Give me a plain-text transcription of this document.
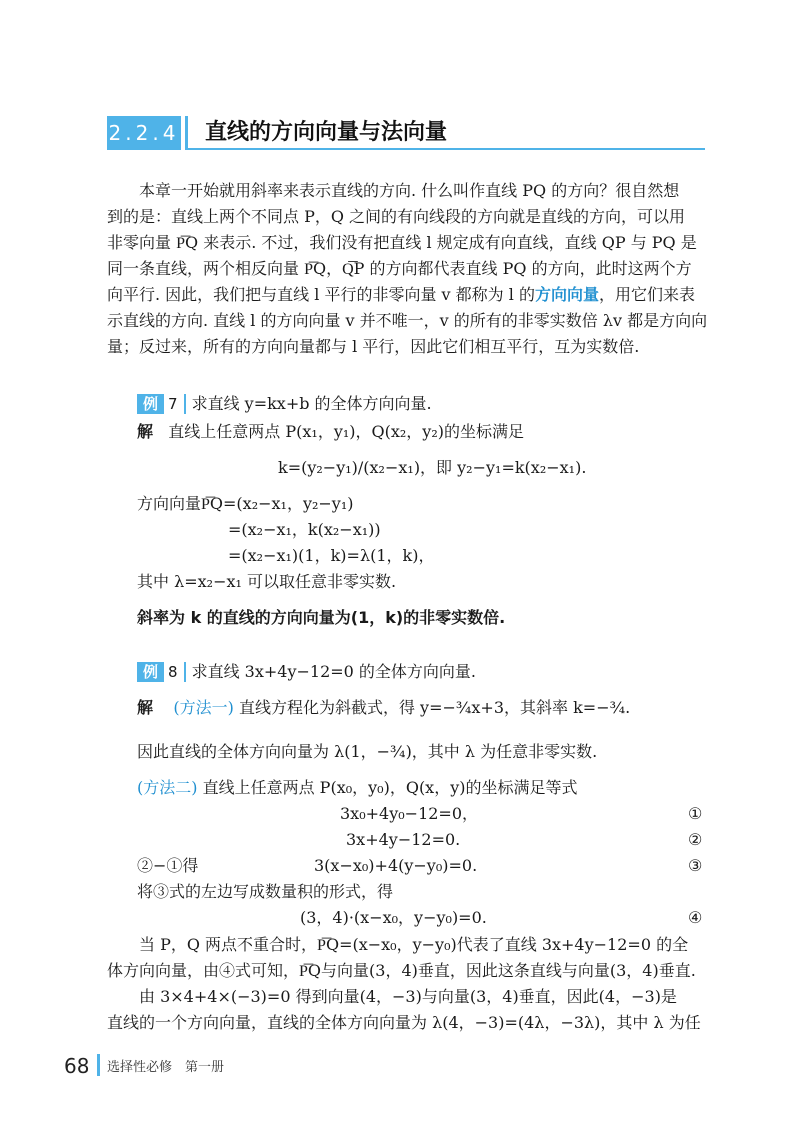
2.2.4 直线的方向向量与法向量
本章一开始就用斜率来表示直线的方向. 什么叫作直线 PQ 的方向？很自然想
到的是：直线上两个不同点 P，Q 之间的有向线段的方向就是直线的方向，可以用
非零向量 P͞Q 来表示. 不过，我们没有把直线 l 规定成有向直线，直线 QP 与 PQ 是
同一条直线，两个相反向量 P͞Q，Q͞P 的方向都代表直线 PQ 的方向，此时这两个方
向平行. 因此，我们把与直线 l 平行的非零向量 v 都称为 l 的方向向量，用它们来表
示直线的方向. 直线 l 的方向向量 v 并不唯一，v 的所有的非零实数倍 λv 都是方向向
量；反过来，所有的方向向量都与 l 平行，因此它们相互平行，互为实数倍.
例 7 求直线 y=kx+b 的全体方向向量.
解 直线上任意两点 P(x₁，y₁)，Q(x₂，y₂)的坐标满足
k=(y₂−y₁)/(x₂−x₁)，即 y₂−y₁=k(x₂−x₁).
方向向量P͞Q=(x₂−x₁，y₂−y₁)
=(x₂−x₁，k(x₂−x₁))
=(x₂−x₁)(1，k)=λ(1，k)，
其中 λ=x₂−x₁ 可以取任意非零实数.
斜率为 k 的直线的方向向量为(1，k)的非零实数倍.
例 8 求直线 3x+4y−12=0 的全体方向向量.
解 (方法一) 直线方程化为斜截式，得 y=−¾x+3，其斜率 k=−¾.
因此直线的全体方向向量为 λ(1，−¾)，其中 λ 为任意非零实数.
(方法二) 直线上任意两点 P(x₀，y₀)，Q(x，y)的坐标满足等式
3x₀+4y₀−12=0，	①
3x+4y−12=0.	②
②−①得	3(x−x₀)+4(y−y₀)=0.	③
将③式的左边写成数量积的形式，得
(3，4)·(x−x₀，y−y₀)=0.	④
当 P，Q 两点不重合时，P͞Q=(x−x₀，y−y₀)代表了直线 3x+4y−12=0 的全
体方向向量，由④式可知，P͞Q与向量(3，4)垂直，因此这条直线与向量(3，4)垂直.
由 3×4+4×(−3)=0 得到向量(4，−3)与向量(3，4)垂直，因此(4，−3)是
直线的一个方向向量，直线的全体方向向量为 λ(4，−3)=(4λ，−3λ)，其中 λ 为任
68 选择性必修　第一册
